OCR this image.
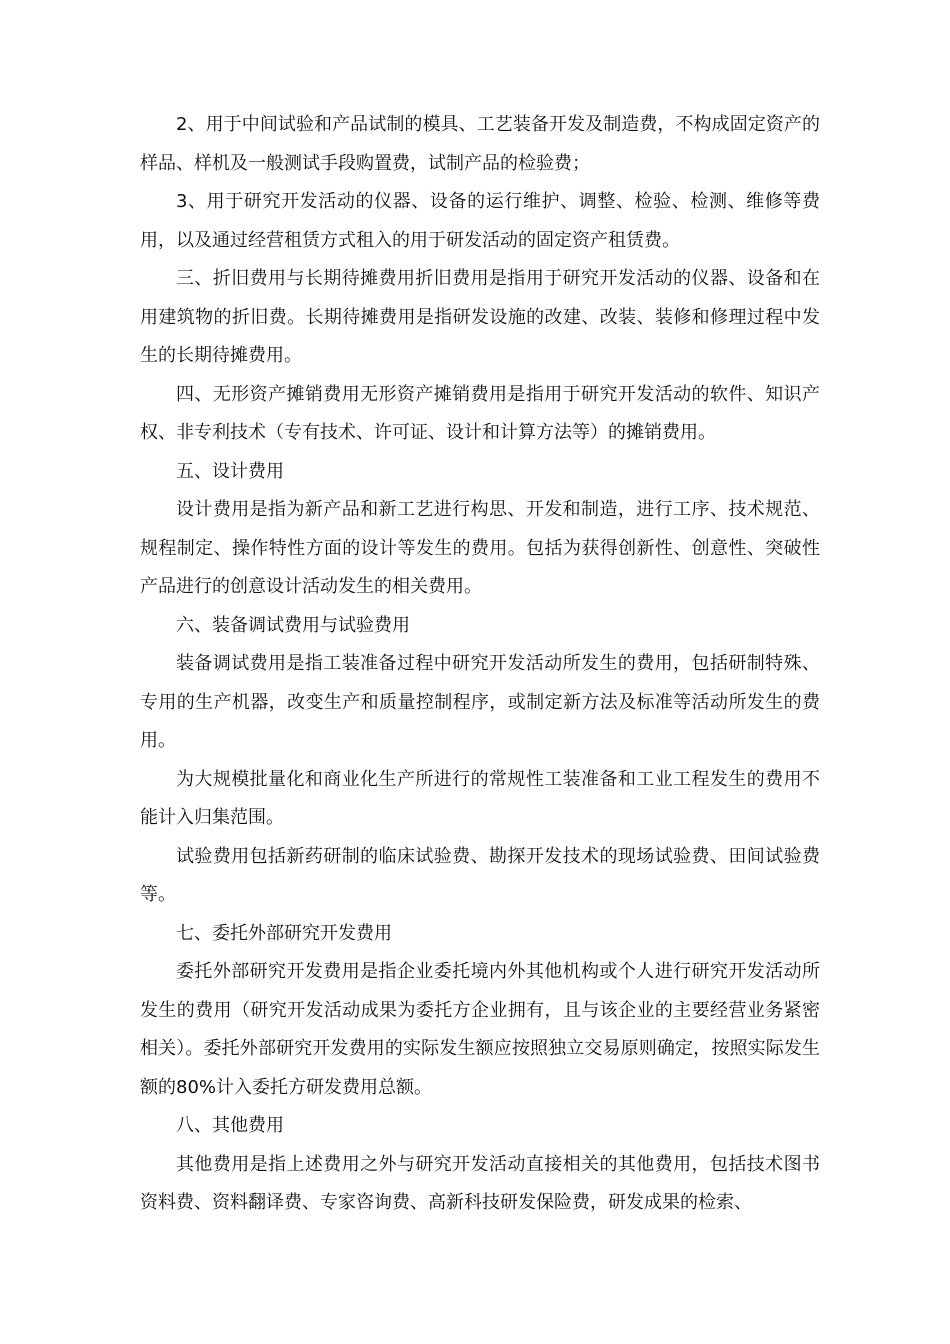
2、用于中间试验和产品试制的模具、工艺装备开发及制造费，不构成固定资产的样品、样机及一般测试手段购置费，试制产品的检验费；

3、用于研究开发活动的仪器、设备的运行维护、调整、检验、检测、维修等费用，以及通过经营租赁方式租入的用于研发活动的固定资产租赁费。

三、折旧费用与长期待摊费用折旧费用是指用于研究开发活动的仪器、设备和在用建筑物的折旧费。长期待摊费用是指研发设施的改建、改装、装修和修理过程中发生的长期待摊费用。

四、无形资产摊销费用无形资产摊销费用是指用于研究开发活动的软件、知识产权、非专利技术（专有技术、许可证、设计和计算方法等）的摊销费用。

五、设计费用

设计费用是指为新产品和新工艺进行构思、开发和制造，进行工序、技术规范、规程制定、操作特性方面的设计等发生的费用。包括为获得创新性、创意性、突破性产品进行的创意设计活动发生的相关费用。

六、装备调试费用与试验费用

装备调试费用是指工装准备过程中研究开发活动所发生的费用，包括研制特殊、专用的生产机器，改变生产和质量控制程序，或制定新方法及标准等活动所发生的费用。

为大规模批量化和商业化生产所进行的常规性工装准备和工业工程发生的费用不能计入归集范围。

试验费用包括新药研制的临床试验费、勘探开发技术的现场试验费、田间试验费等。

七、委托外部研究开发费用

委托外部研究开发费用是指企业委托境内外其他机构或个人进行研究开发活动所发生的费用（研究开发活动成果为委托方企业拥有，且与该企业的主要经营业务紧密相关）。委托外部研究开发费用的实际发生额应按照独立交易原则确定，按照实际发生额的80%计入委托方研发费用总额。

八、其他费用

其他费用是指上述费用之外与研究开发活动直接相关的其他费用，包括技术图书资料费、资料翻译费、专家咨询费、高新科技研发保险费，研发成果的检索、
